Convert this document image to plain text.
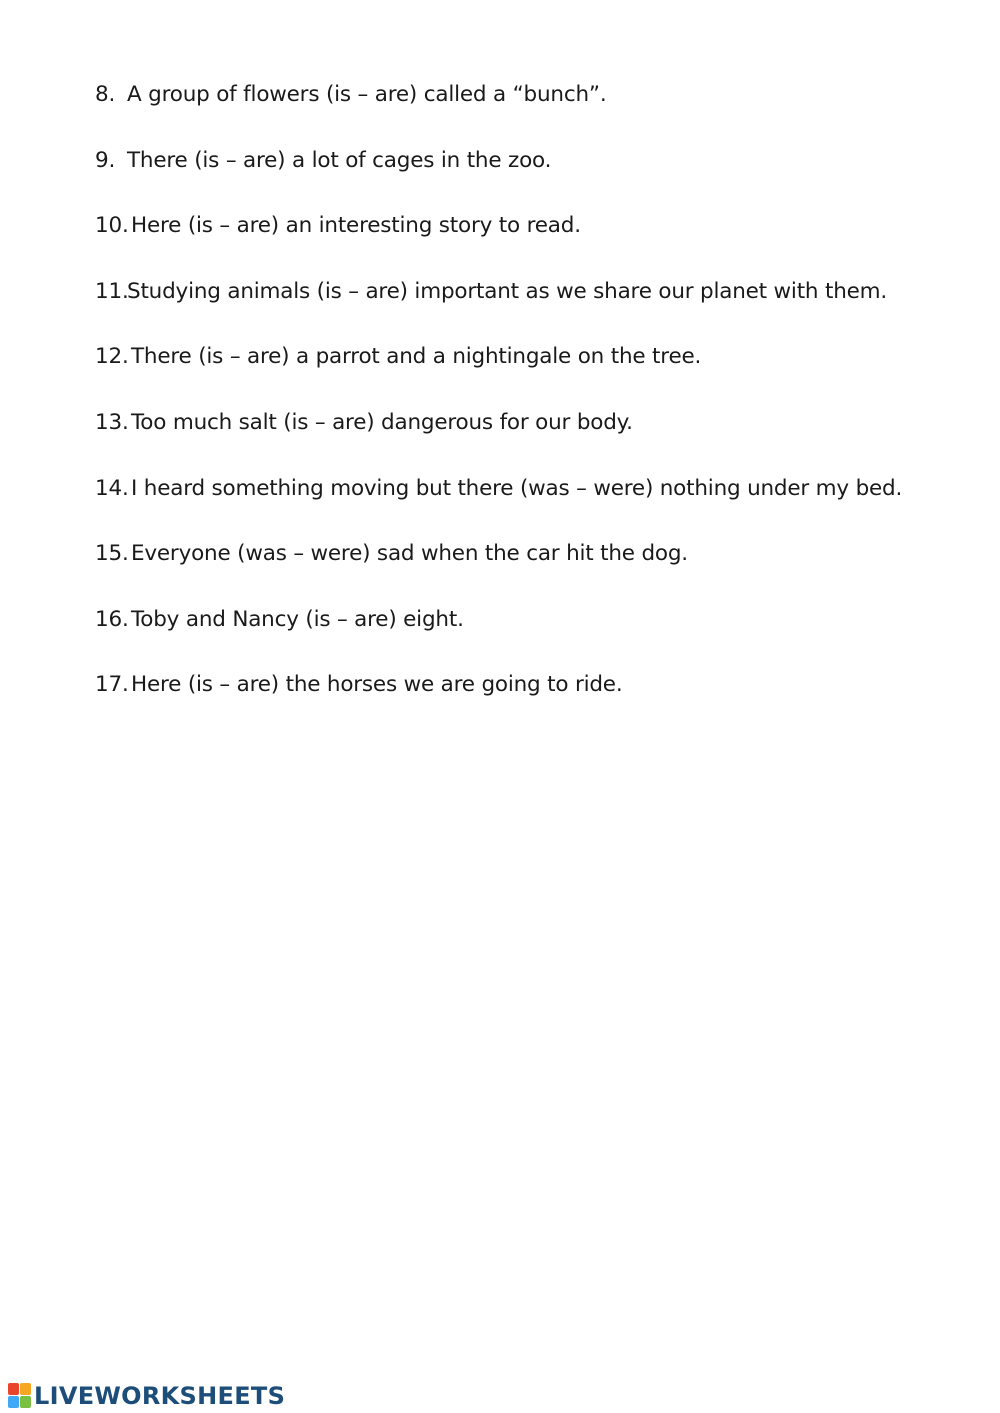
8. A group of flowers (is – are) called a “bunch”.
9. There (is – are) a lot of cages in the zoo.
10. Here (is – are) an interesting story to read.
11.Studying animals (is – are) important as we share our planet with them.
12. There (is – are) a parrot and a nightingale on the tree.
13. Too much salt (is – are) dangerous for our body.
14. I heard something moving but there (was – were) nothing under my bed.
15. Everyone (was – were) sad when the car hit the dog.
16. Toby and Nancy (is – are) eight.
17. Here (is – are) the horses we are going to ride.
LIVEWORKSHEETS
